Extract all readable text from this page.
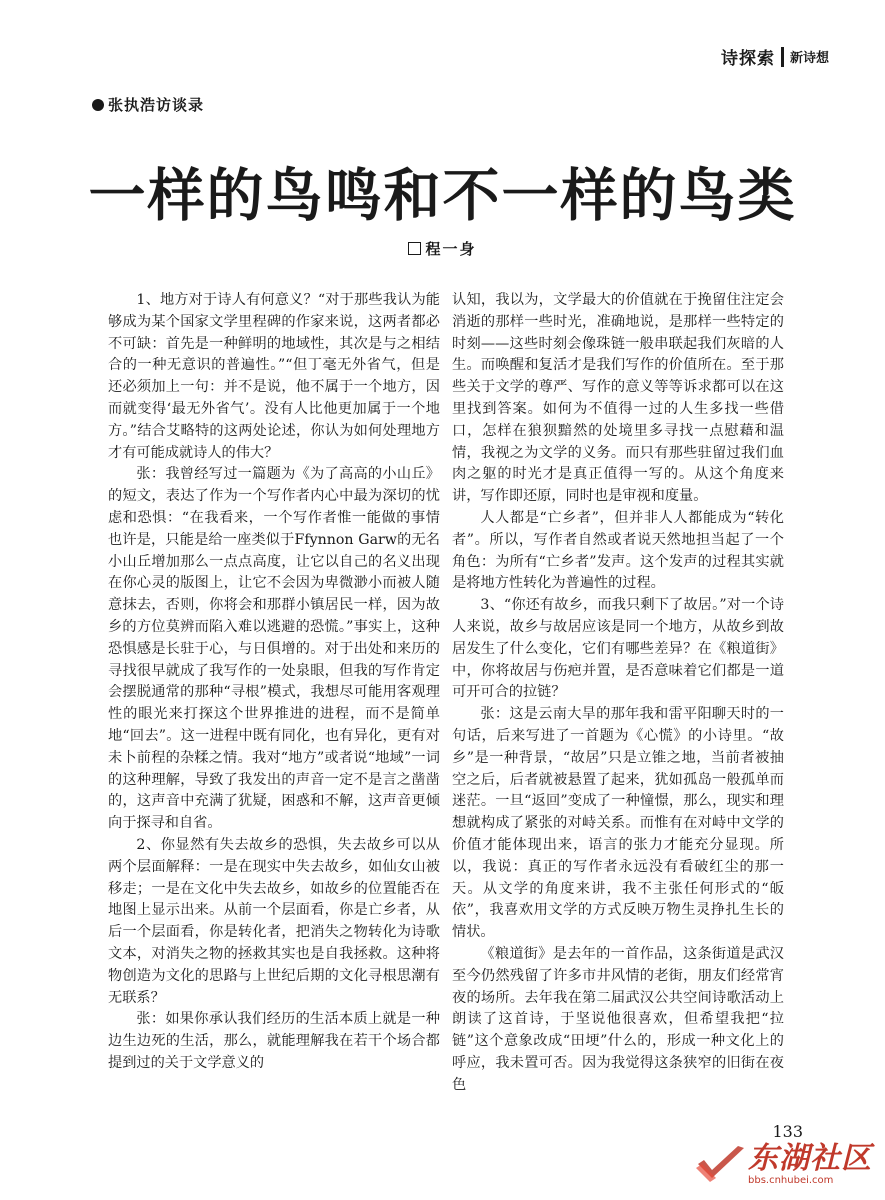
诗探索 新诗想
张执浩访谈录
一样的鸟鸣和不一样的鸟类
程一身

1、地方对于诗人有何意义？“对于那些我认为能够成为某个国家文学里程碑的作家来说，这两者都必不可缺：首先是一种鲜明的地域性，其次是与之相结合的一种无意识的普遍性。”“但丁毫无外省气，但是还必须加上一句：并不是说，他不属于一个地方，因而就变得‘最无外省气’。没有人比他更加属于一个地方。”结合艾略特的这两处论述，你认为如何处理地方才有可能成就诗人的伟大？

张：我曾经写过一篇题为《为了高高的小山丘》的短文，表达了作为一个写作者内心中最为深切的忧虑和恐惧：“在我看来，一个写作者惟一能做的事情也许是，只能是给一座类似于Ffynnon Garw的无名小山丘增加那么一点点高度，让它以自己的名义出现在你心灵的版图上，让它不会因为卑微渺小而被人随意抹去，否则，你将会和那群小镇居民一样，因为故乡的方位莫辨而陷入难以逃避的恐慌。”事实上，这种恐惧感是长驻于心，与日俱增的。对于出处和来历的寻找很早就成了我写作的一处泉眼，但我的写作肯定会摆脱通常的那种“寻根”模式，我想尽可能用客观理性的眼光来打探这个世界推进的进程，而不是简单地“回去”。这一进程中既有同化，也有异化，更有对未卜前程的杂糅之情。我对“地方”或者说“地域”一词的这种理解，导致了我发出的声音一定不是言之凿凿的，这声音中充满了犹疑，困惑和不解，这声音更倾向于探寻和自省。

2、你显然有失去故乡的恐惧，失去故乡可以从两个层面解释：一是在现实中失去故乡，如仙女山被移走；一是在文化中失去故乡，如故乡的位置能否在地图上显示出来。从前一个层面看，你是亡乡者，从后一个层面看，你是转化者，把消失之物转化为诗歌文本，对消失之物的拯救其实也是自我拯救。这种将物创造为文化的思路与上世纪后期的文化寻根思潮有无联系？

张：如果你承认我们经历的生活本质上就是一种边生边死的生活，那么，就能理解我在若干个场合都提到过的关于文学意义的

认知，我以为，文学最大的价值就在于挽留住注定会消逝的那样一些时光，准确地说，是那样一些特定的时刻——这些时刻会像珠链一般串联起我们灰暗的人生。而唤醒和复活才是我们写作的价值所在。至于那些关于文学的尊严、写作的意义等等诉求都可以在这里找到答案。如何为不值得一过的人生多找一些借口，怎样在狼狈黯然的处境里多寻找一点慰藉和温情，我视之为文学的义务。而只有那些驻留过我们血肉之躯的时光才是真正值得一写的。从这个角度来讲，写作即还原，同时也是审视和度量。

人人都是“亡乡者”，但并非人人都能成为“转化者”。所以，写作者自然或者说天然地担当起了一个角色：为所有“亡乡者”发声。这个发声的过程其实就是将地方性转化为普遍性的过程。

3、“你还有故乡，而我只剩下了故居。”对一个诗人来说，故乡与故居应该是同一个地方，从故乡到故居发生了什么变化，它们有哪些差异？在《粮道街》中，你将故居与伤疤并置，是否意味着它们都是一道可开可合的拉链？

张：这是云南大旱的那年我和雷平阳聊天时的一句话，后来写进了一首题为《心慌》的小诗里。“故乡”是一种背景，“故居”只是立锥之地，当前者被抽空之后，后者就被悬置了起来，犹如孤岛一般孤单而迷茫。一旦“返回”变成了一种憧憬，那么，现实和理想就构成了紧张的对峙关系。而惟有在对峙中文学的价值才能体现出来，语言的张力才能充分显现。所以，我说：真正的写作者永远没有看破红尘的那一天。从文学的角度来讲，我不主张任何形式的“皈依”，我喜欢用文学的方式反映万物生灵挣扎生长的情状。

《粮道街》是去年的一首作品，这条街道是武汉至今仍然残留了许多市井风情的老街，朋友们经常宵夜的场所。去年我在第二届武汉公共空间诗歌活动上朗读了这首诗，于坚说他很喜欢，但希望我把“拉链”这个意象改成“田埂”什么的，形成一种文化上的呼应，我未置可否。因为我觉得这条狭窄的旧街在夜色

133
东湖社区
bbs.cnhubei.com
